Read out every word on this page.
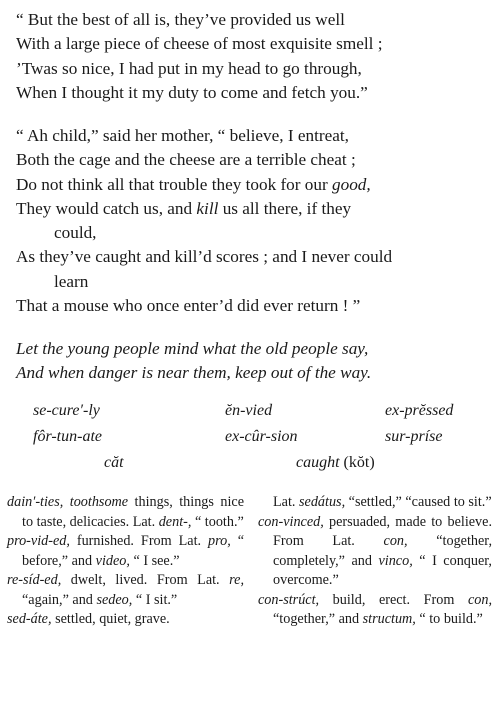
“ But the best of all is, they’ve provided us well
With a large piece of cheese of most exquisite smell ;
’Twas so nice, I had put in my head to go through,
When I thought it my duty to come and fetch you.”
“ Ah child,” said her mother, “ believe, I entreat,
Both the cage and the cheese are a terrible cheat ;
Do not think all that trouble they took for our good,
They would catch us, and kill us all there, if they
could,
As they’ve caught and kill’d scores ; and I never could
learn
That a mouse who once enter’d did ever return ! ”
Let the young people mind what the old people say,
And when danger is near them, keep out of the way.
se-cure′-ly	ĕn-vied	ex-prĕssed
fôr-tun-ate	ex-cûr-sion	sur-príse
căt	caught (kŏt)

dain′-ties, toothsome things, things nice to taste, delicacies. Lat. dent-, “ tooth.”

pro-vid-ed, furnished. From Lat. pro, “ before,” and video, “ I see.”

re-síd-ed, dwelt, lived. From Lat. re, “again,” and sedeo, “ I sit.”

sed-áte, settled, quiet, grave.

Lat. sedátus, “settled,” “caused to sit.”

con-vinced, persuaded, made to believe. From Lat. con, “together, completely,” and vinco, “ I conquer, overcome.”

con-strúct, build, erect. From con, “together,” and structum, “ to build.”
